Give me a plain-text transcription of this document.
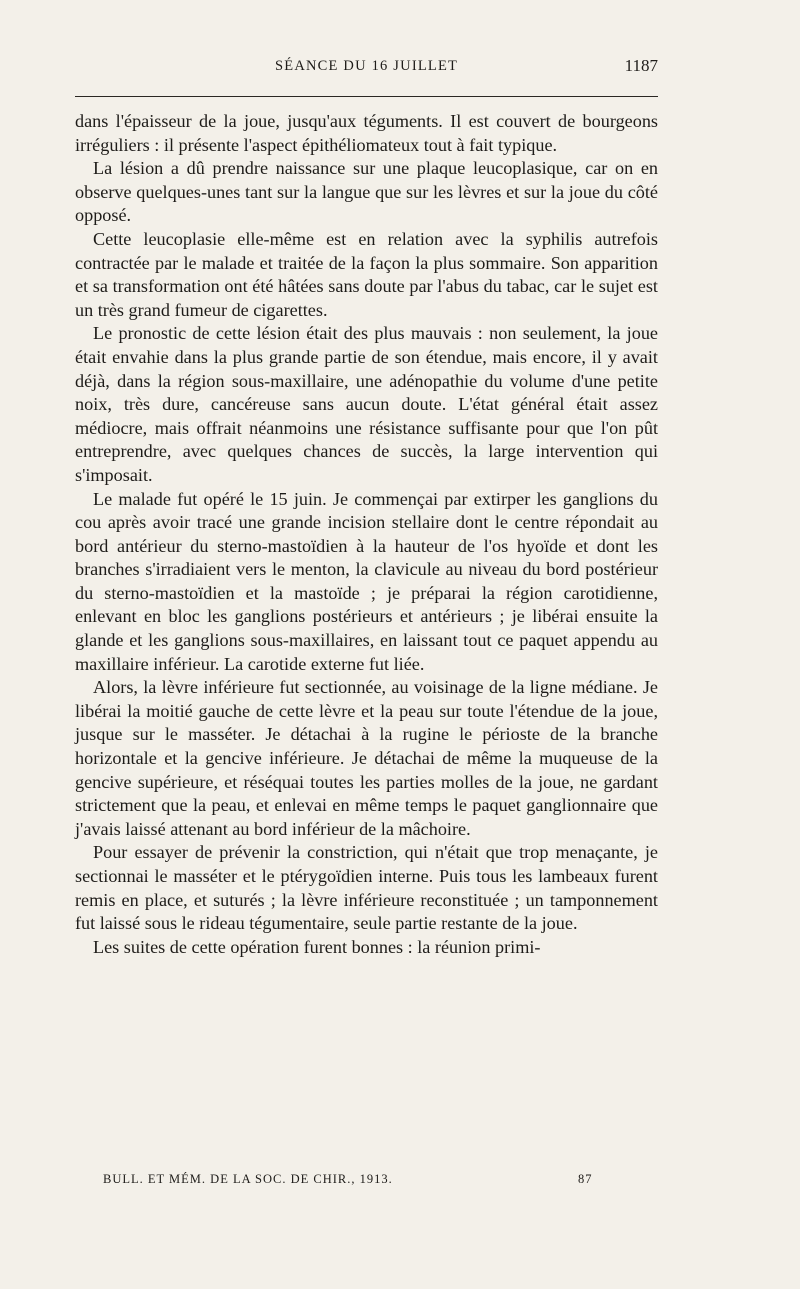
SÉANCE DU 16 JUILLET	1187

dans l'épaisseur de la joue, jusqu'aux téguments. Il est couvert de bourgeons irréguliers : il présente l'aspect épithéliomateux tout à fait typique.

La lésion a dû prendre naissance sur une plaque leucoplasique, car on en observe quelques-unes tant sur la langue que sur les lèvres et sur la joue du côté opposé.

Cette leucoplasie elle-même est en relation avec la syphilis autrefois contractée par le malade et traitée de la façon la plus sommaire. Son apparition et sa transformation ont été hâtées sans doute par l'abus du tabac, car le sujet est un très grand fumeur de cigarettes.

Le pronostic de cette lésion était des plus mauvais : non seulement, la joue était envahie dans la plus grande partie de son étendue, mais encore, il y avait déjà, dans la région sous-maxillaire, une adénopathie du volume d'une petite noix, très dure, cancéreuse sans aucun doute. L'état général était assez médiocre, mais offrait néanmoins une résistance suffisante pour que l'on pût entreprendre, avec quelques chances de succès, la large intervention qui s'imposait.

Le malade fut opéré le 15 juin. Je commençai par extirper les ganglions du cou après avoir tracé une grande incision stellaire dont le centre répondait au bord antérieur du sterno-mastoïdien à la hauteur de l'os hyoïde et dont les branches s'irradiaient vers le menton, la clavicule au niveau du bord postérieur du sterno-mastoïdien et la mastoïde ; je préparai la région carotidienne, enlevant en bloc les ganglions postérieurs et antérieurs ; je libérai ensuite la glande et les ganglions sous-maxillaires, en laissant tout ce paquet appendu au maxillaire inférieur. La carotide externe fut liée.

Alors, la lèvre inférieure fut sectionnée, au voisinage de la ligne médiane. Je libérai la moitié gauche de cette lèvre et la peau sur toute l'étendue de la joue, jusque sur le masséter. Je détachai à la rugine le périoste de la branche horizontale et la gencive inférieure. Je détachai de même la muqueuse de la gencive supérieure, et réséquai toutes les parties molles de la joue, ne gardant strictement que la peau, et enlevai en même temps le paquet ganglionnaire que j'avais laissé attenant au bord inférieur de la mâchoire.

Pour essayer de prévenir la constriction, qui n'était que trop menaçante, je sectionnai le masséter et le ptérygoïdien interne. Puis tous les lambeaux furent remis en place, et suturés ; la lèvre inférieure reconstituée ; un tamponnement fut laissé sous le rideau tégumentaire, seule partie restante de la joue.

Les suites de cette opération furent bonnes : la réunion primi-

BULL. ET MÉM. DE LA SOC. DE CHIR., 1913.	87
